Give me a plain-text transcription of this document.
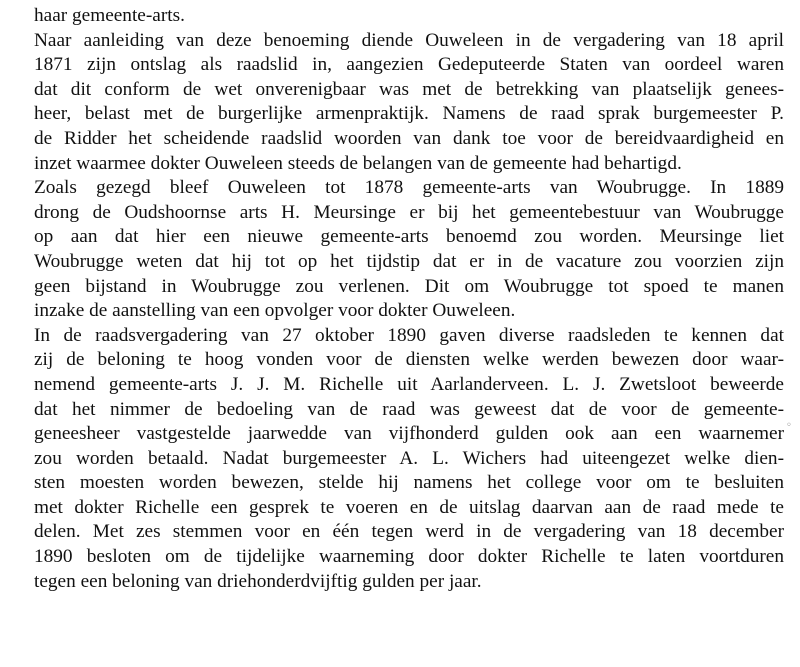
haar gemeente-arts.
Naar aanleiding van deze benoeming diende Ouweleen in de vergadering van 18 april
1871 zijn ontslag als raadslid in, aangezien Gedeputeerde Staten van oordeel waren
dat dit conform de wet onverenigbaar was met de betrekking van plaatselijk genees-
heer, belast met de burgerlijke armenpraktijk. Namens de raad sprak burgemeester P.
de Ridder het scheidende raadslid woorden van dank toe voor de bereidvaardigheid en
inzet waarmee dokter Ouweleen steeds de belangen van de gemeente had behartigd.
Zoals gezegd bleef Ouweleen tot 1878 gemeente-arts van Woubrugge. In 1889
drong de Oudshoornse arts H. Meursinge er bij het gemeentebestuur van Woubrugge
op aan dat hier een nieuwe gemeente-arts benoemd zou worden. Meursinge liet
Woubrugge weten dat hij tot op het tijdstip dat er in de vacature zou voorzien zijn
geen bijstand in Woubrugge zou verlenen. Dit om Woubrugge tot spoed te manen
inzake de aanstelling van een opvolger voor dokter Ouweleen.
In de raadsvergadering van 27 oktober 1890 gaven diverse raadsleden te kennen dat
zij de beloning te hoog vonden voor de diensten welke werden bewezen door waar-
nemend gemeente-arts J. J. M. Richelle uit Aarlanderveen. L. J. Zwetsloot beweerde
dat het nimmer de bedoeling van de raad was geweest dat de voor de gemeente-
geneesheer vastgestelde jaarwedde van vijfhonderd gulden ook aan een waarnemer
zou worden betaald. Nadat burgemeester A. L. Wichers had uiteengezet welke dien-
sten moesten worden bewezen, stelde hij namens het college voor om te besluiten
met dokter Richelle een gesprek te voeren en de uitslag daarvan aan de raad mede te
delen. Met zes stemmen voor en één tegen werd in de vergadering van 18 december
1890 besloten om de tijdelijke waarneming door dokter Richelle te laten voortduren
tegen een beloning van driehonderdvijftig gulden per jaar.
◦
